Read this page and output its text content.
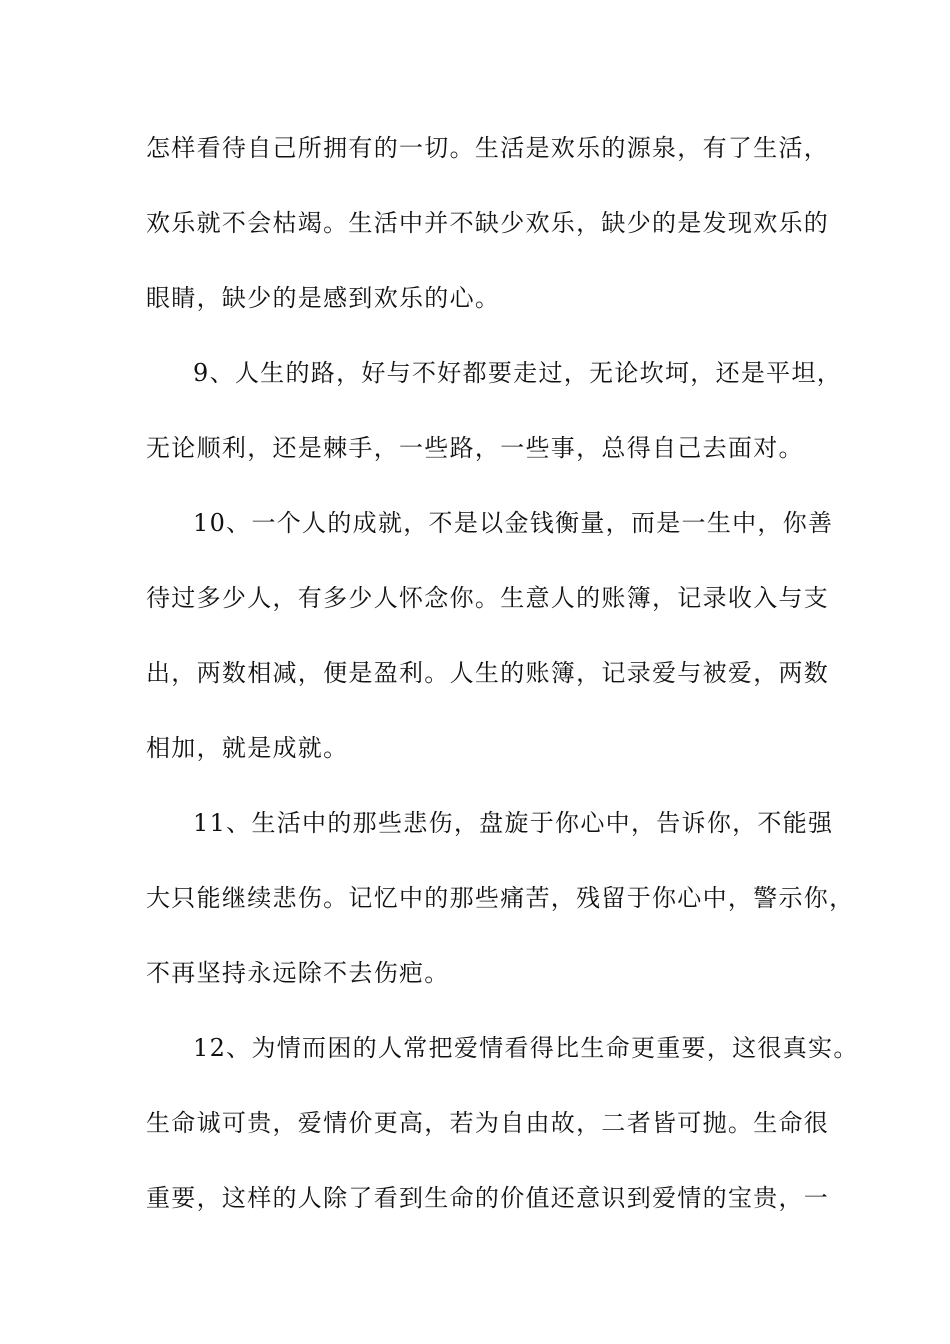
怎样看待自己所拥有的一切。生活是欢乐的源泉，有了生活，
欢乐就不会枯竭。生活中并不缺少欢乐，缺少的是发现欢乐的
眼睛，缺少的是感到欢乐的心。
9、人生的路，好与不好都要走过，无论坎坷，还是平坦，
无论顺利，还是棘手，一些路，一些事，总得自己去面对。
10、一个人的成就，不是以金钱衡量，而是一生中，你善
待过多少人，有多少人怀念你。生意人的账簿，记录收入与支
出，两数相减，便是盈利。人生的账簿，记录爱与被爱，两数
相加，就是成就。
11、生活中的那些悲伤，盘旋于你心中，告诉你，不能强
大只能继续悲伤。记忆中的那些痛苦，残留于你心中，警示你，
不再坚持永远除不去伤疤。
12、为情而困的人常把爱情看得比生命更重要，这很真实。
生命诚可贵，爱情价更高，若为自由故，二者皆可抛。生命很
重要，这样的人除了看到生命的价值还意识到爱情的宝贵，一
